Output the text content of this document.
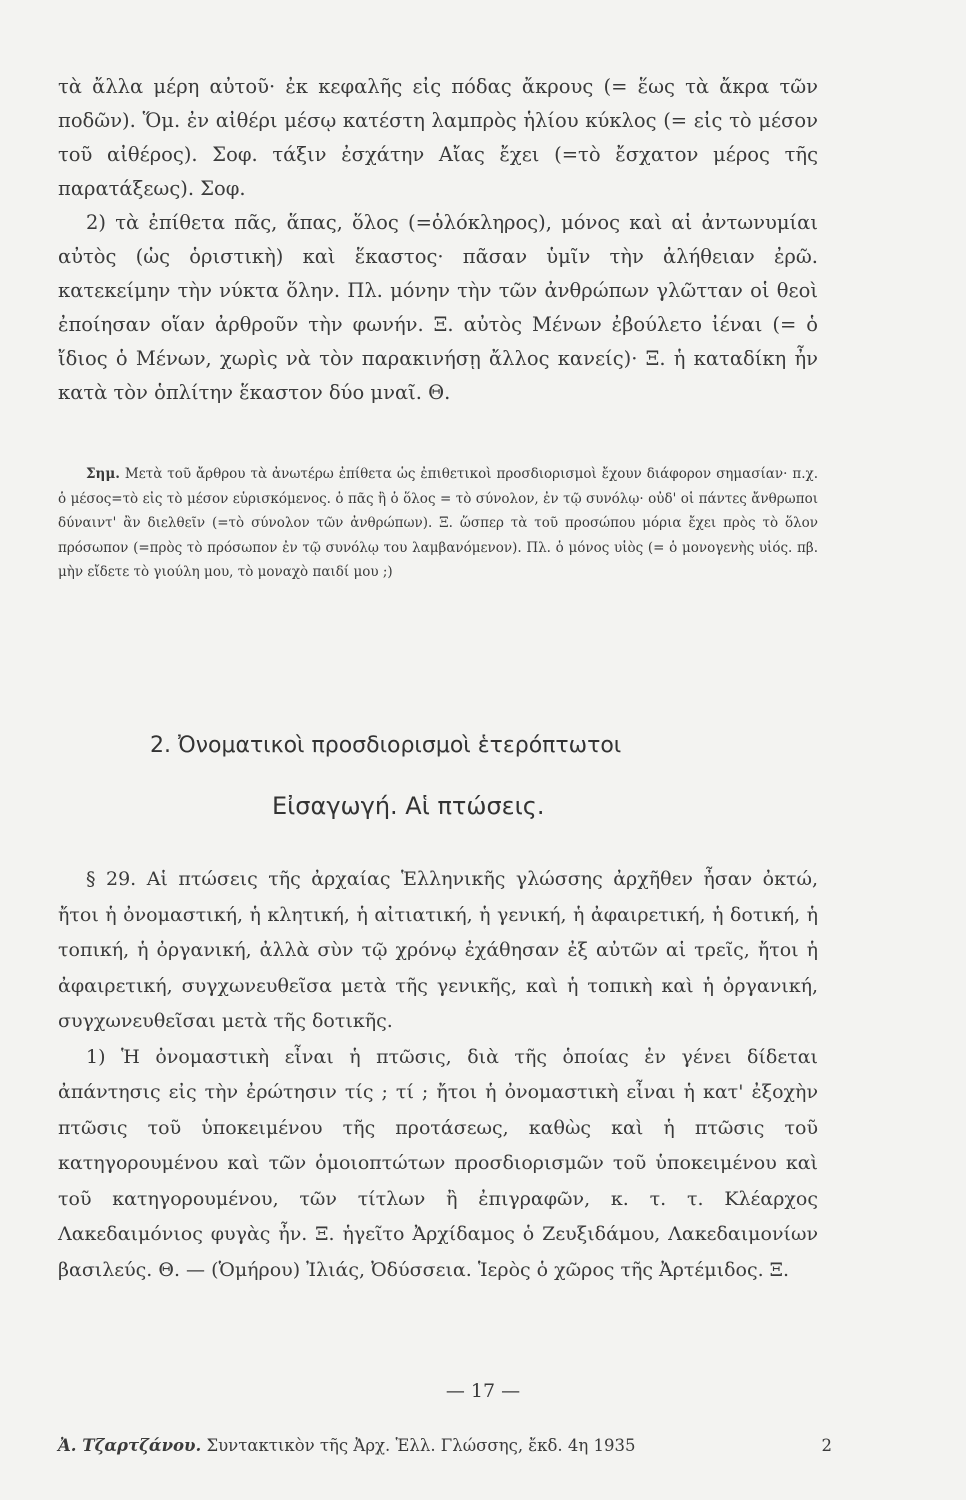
τὰ ἄλλα μέρη αὐτοῦ· ἐκ κεφαλῆς εἰς πόδας ἄκρους (= ἕως τὰ ἄκρα τῶν ποδῶν). Ὅμ. ἐν αἰθέρι μέσῳ κατέστη λαμπρὸς ἡλίου κύκλος (= εἰς τὸ μέσον τοῦ αἰθέρος). Σοφ. τάξιν ἐσχάτην Αἴας ἔχει (=τὸ ἔσχατον μέρος τῆς παρατάξεως). Σοφ.

2) τὰ ἐπίθετα πᾶς, ἅπας, ὅλος (=ὁλόκληρος), μόνος καὶ αἱ ἀντωνυμίαι αὐτὸς (ὡς ὁριστικὴ) καὶ ἕκαστος· πᾶσαν ὑμῖν τὴν ἀλήθειαν ἐρῶ. κατεκείμην τὴν νύκτα ὅλην. Πλ. μόνην τὴν τῶν ἀνθρώπων γλῶτταν οἱ θεοὶ ἐποίησαν οἵαν ἀρθροῦν τὴν φωνήν. Ξ. αὐτὸς Μένων ἐβούλετο ἰέναι (= ὁ ἴδιος ὁ Μένων, χωρὶς νὰ τὸν παρακινήσῃ ἄλλος κανείς)· Ξ. ἡ καταδίκη ἦν κατὰ τὸν ὁπλίτην ἕκαστον δύο μναῖ. Θ.

Σημ. Μετὰ τοῦ ἄρθρου τὰ ἀνωτέρω ἐπίθετα ὡς ἐπιθετικοὶ προσδιορισμοὶ ἔχουν διάφορον σημασίαν· π.χ. ὁ μέσος=τὸ εἰς τὸ μέσον εὑρισκόμενος. ὁ πᾶς ἢ ὁ ὅλος = τὸ σύνολον, ἐν τῷ συνόλῳ· οὐδ' οἱ πάντες ἄνθρωποι δύναιντ' ἂν διελθεῖν (=τὸ σύνολον τῶν ἀνθρώπων). Ξ. ὥσπερ τὰ τοῦ προσώπου μόρια ἔχει πρὸς τὸ ὅλον πρόσωπον (=πρὸς τὸ πρόσωπον ἐν τῷ συνόλῳ του λαμβανόμενον). Πλ. ὁ μόνος υἱὸς (= ὁ μονογενὴς υἱός. πβ. μὴν εἴδετε τὸ γιούλη μου, τὸ μοναχὸ παιδί μου ;)

2. Ὀνοματικοὶ προσδιορισμοὶ ἑτερόπτωτοι
Εἰσαγωγή. Αἱ πτώσεις.

§ 29. Αἱ πτώσεις τῆς ἀρχαίας Ἑλληνικῆς γλώσσης ἀρχῆθεν ἦσαν ὀκτώ, ἤτοι ἡ ὀνομαστική, ἡ κλητική, ἡ αἰτιατική, ἡ γενική, ἡ ἀφαιρετική, ἡ δοτική, ἡ τοπική, ἡ ὀργανική, ἀλλὰ σὺν τῷ χρόνῳ ἐχάθησαν ἐξ αὐτῶν αἱ τρεῖς, ἤτοι ἡ ἀφαιρετική, συγχωνευθεῖσα μετὰ τῆς γενικῆς, καὶ ἡ τοπικὴ καὶ ἡ ὀργανική, συγχωνευθεῖσαι μετὰ τῆς δοτικῆς.

1) Ἡ ὀνομαστικὴ εἶναι ἡ πτῶσις, διὰ τῆς ὁποίας ἐν γένει δίδεται ἀπάντησις εἰς τὴν ἐρώτησιν τίς ; τί ; ἤτοι ἡ ὀνομαστικὴ εἶναι ἡ κατ' ἐξοχὴν πτῶσις τοῦ ὑποκειμένου τῆς προτάσεως, καθὼς καὶ ἡ πτῶσις τοῦ κατηγορουμένου καὶ τῶν ὁμοιοπτώτων προσδιορισμῶν τοῦ ὑποκειμένου καὶ τοῦ κατηγορουμένου, τῶν τίτλων ἢ ἐπιγραφῶν, κ. τ. τ. Κλέαρχος Λακεδαιμόνιος φυγὰς ἦν. Ξ. ἡγεῖτο Ἀρχίδαμος ὁ Ζευξιδάμου, Λακεδαιμονίων βασιλεύς. Θ. — (Ὁμήρου) Ἰλιάς, Ὀδύσσεια. Ἱερὸς ὁ χῶρος τῆς Ἀρτέμιδος. Ξ.

— 17 —
Ἀ. Τζαρτζάνου. Συντακτικὸν τῆς Ἀρχ. Ἑλλ. Γλώσσης, ἔκδ. 4η 1935	2
